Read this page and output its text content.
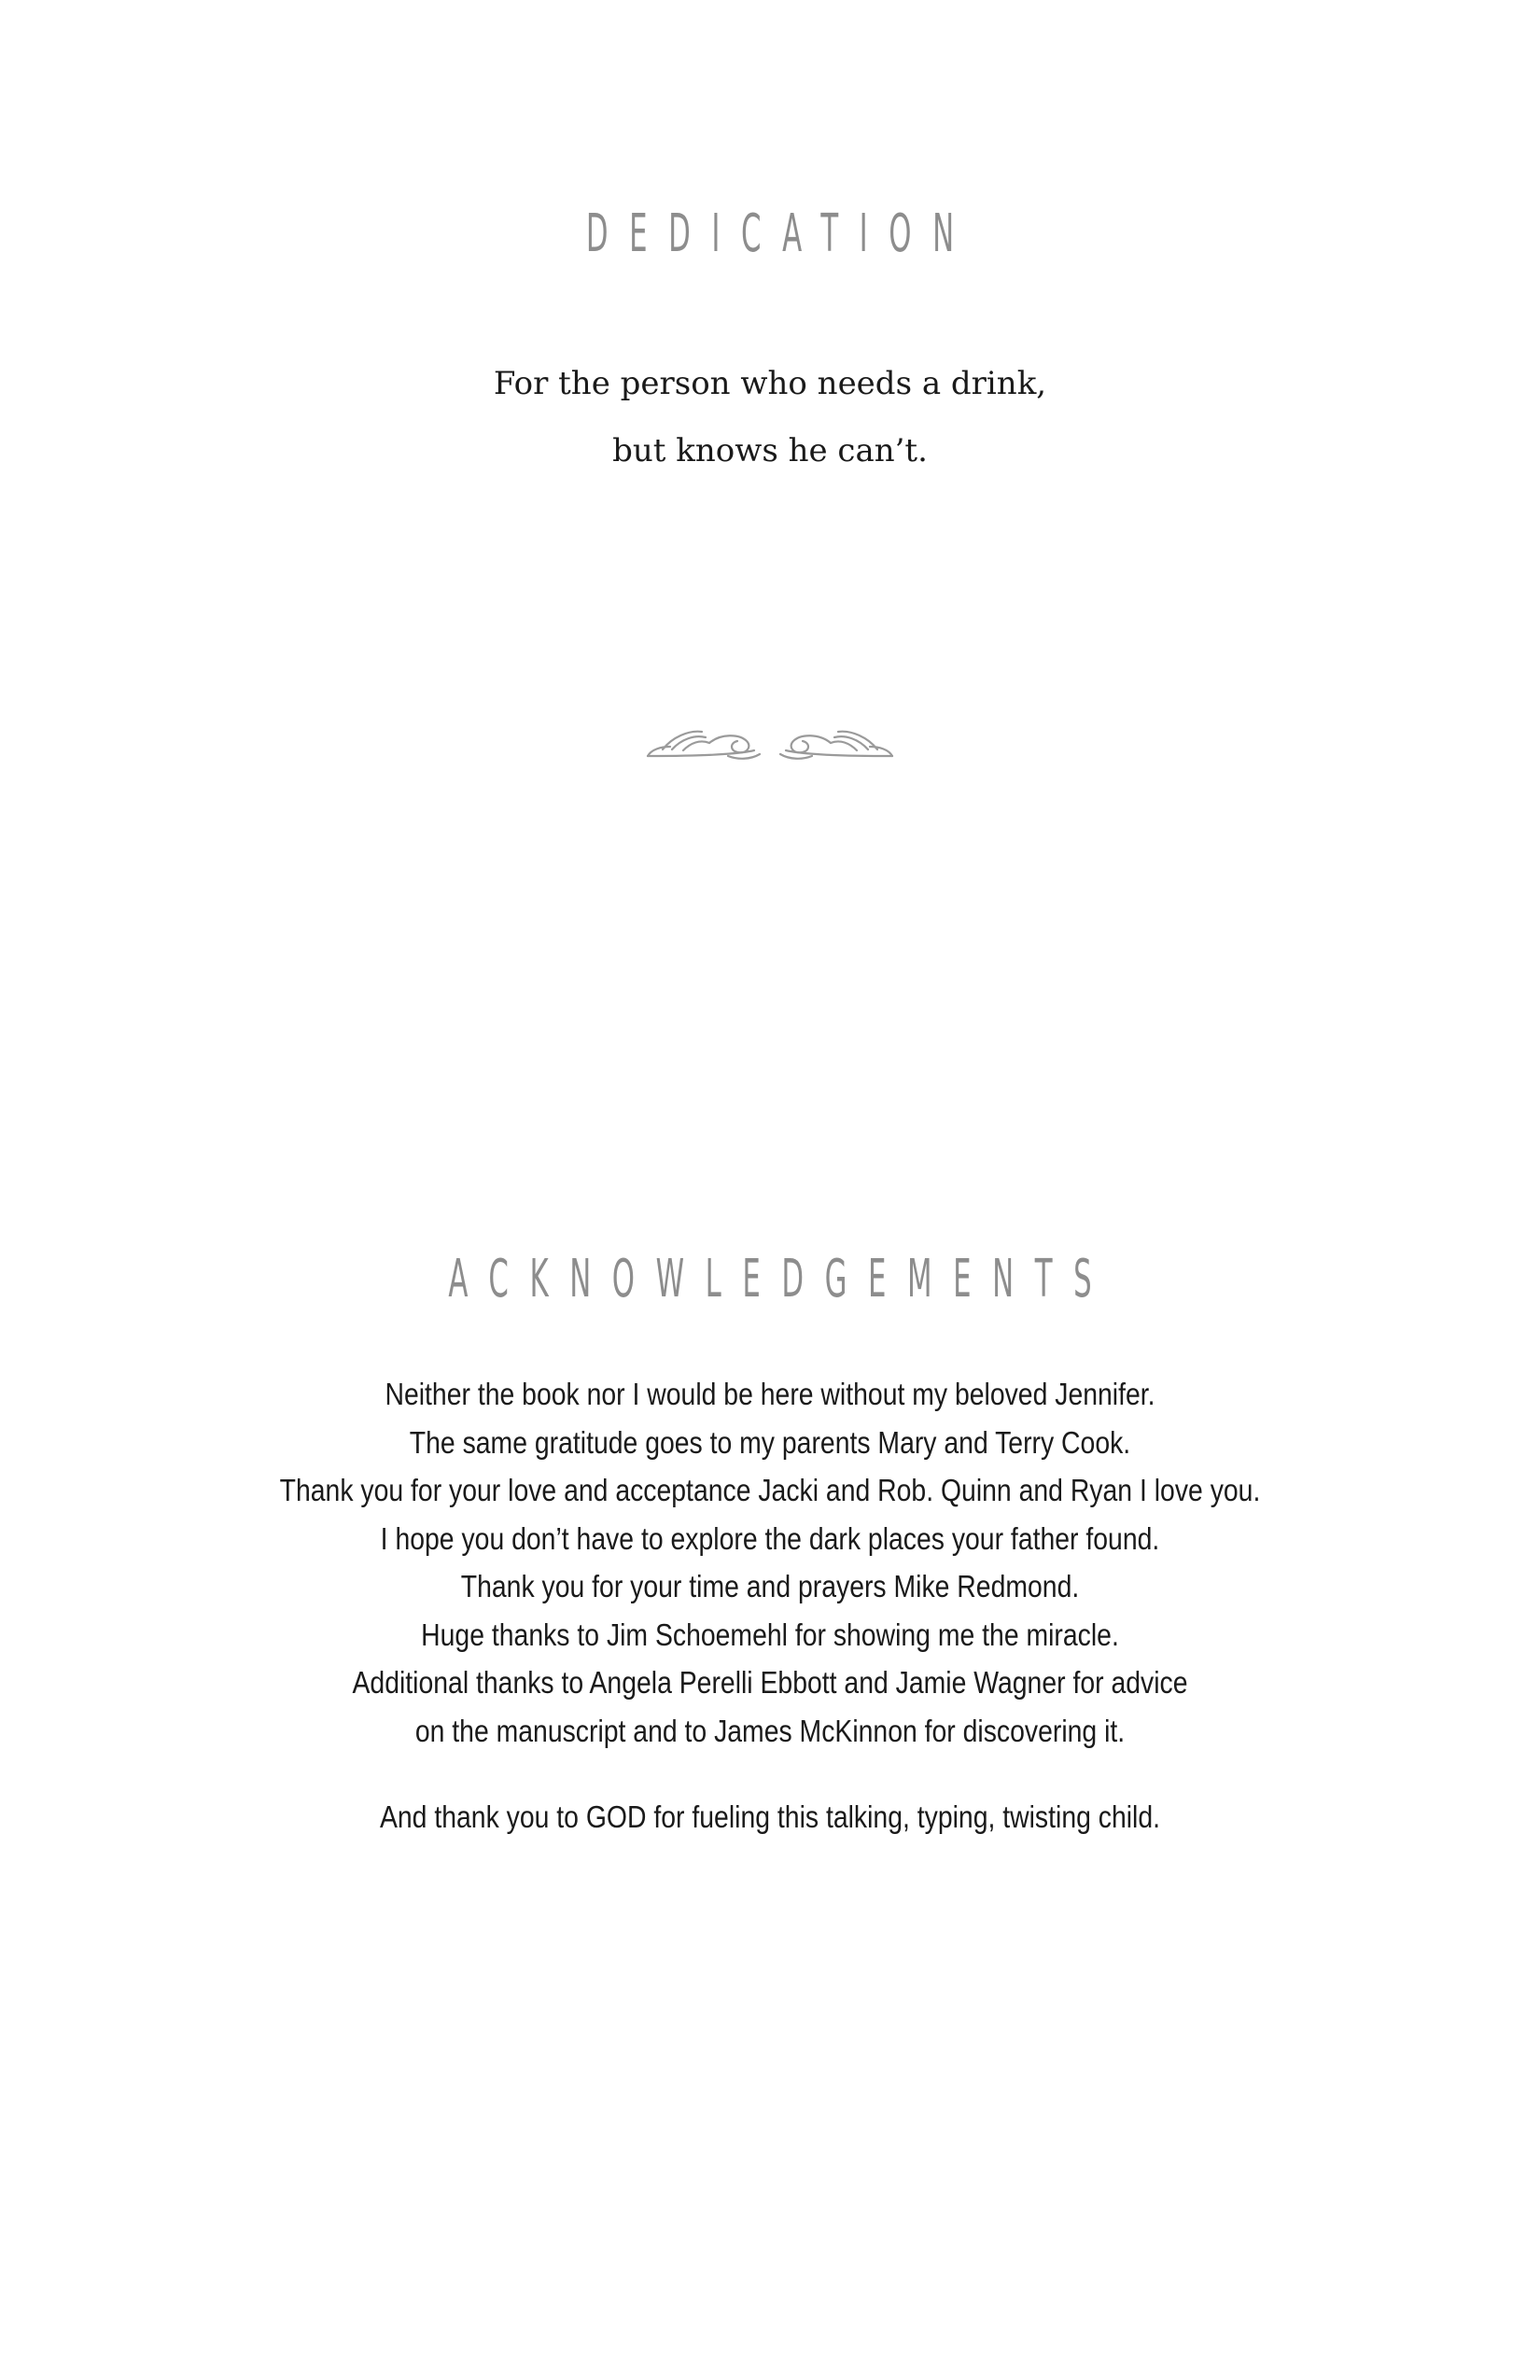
DEDICATION
For the person who needs a drink,
but knows he can’t.
ACKNOWLEDGEMENTS
Neither the book nor I would be here without my beloved Jennifer.
The same gratitude goes to my parents Mary and Terry Cook.
Thank you for your love and acceptance Jacki and Rob. Quinn and Ryan I love you.
I hope you don’t have to explore the dark places your father found.
Thank you for your time and prayers Mike Redmond.
Huge thanks to Jim Schoemehl for showing me the miracle.
Additional thanks to Angela Perelli Ebbott and Jamie Wagner for advice
on the manuscript and to James McKinnon for discovering it.
And thank you to GOD for fueling this talking, typing, twisting child.
